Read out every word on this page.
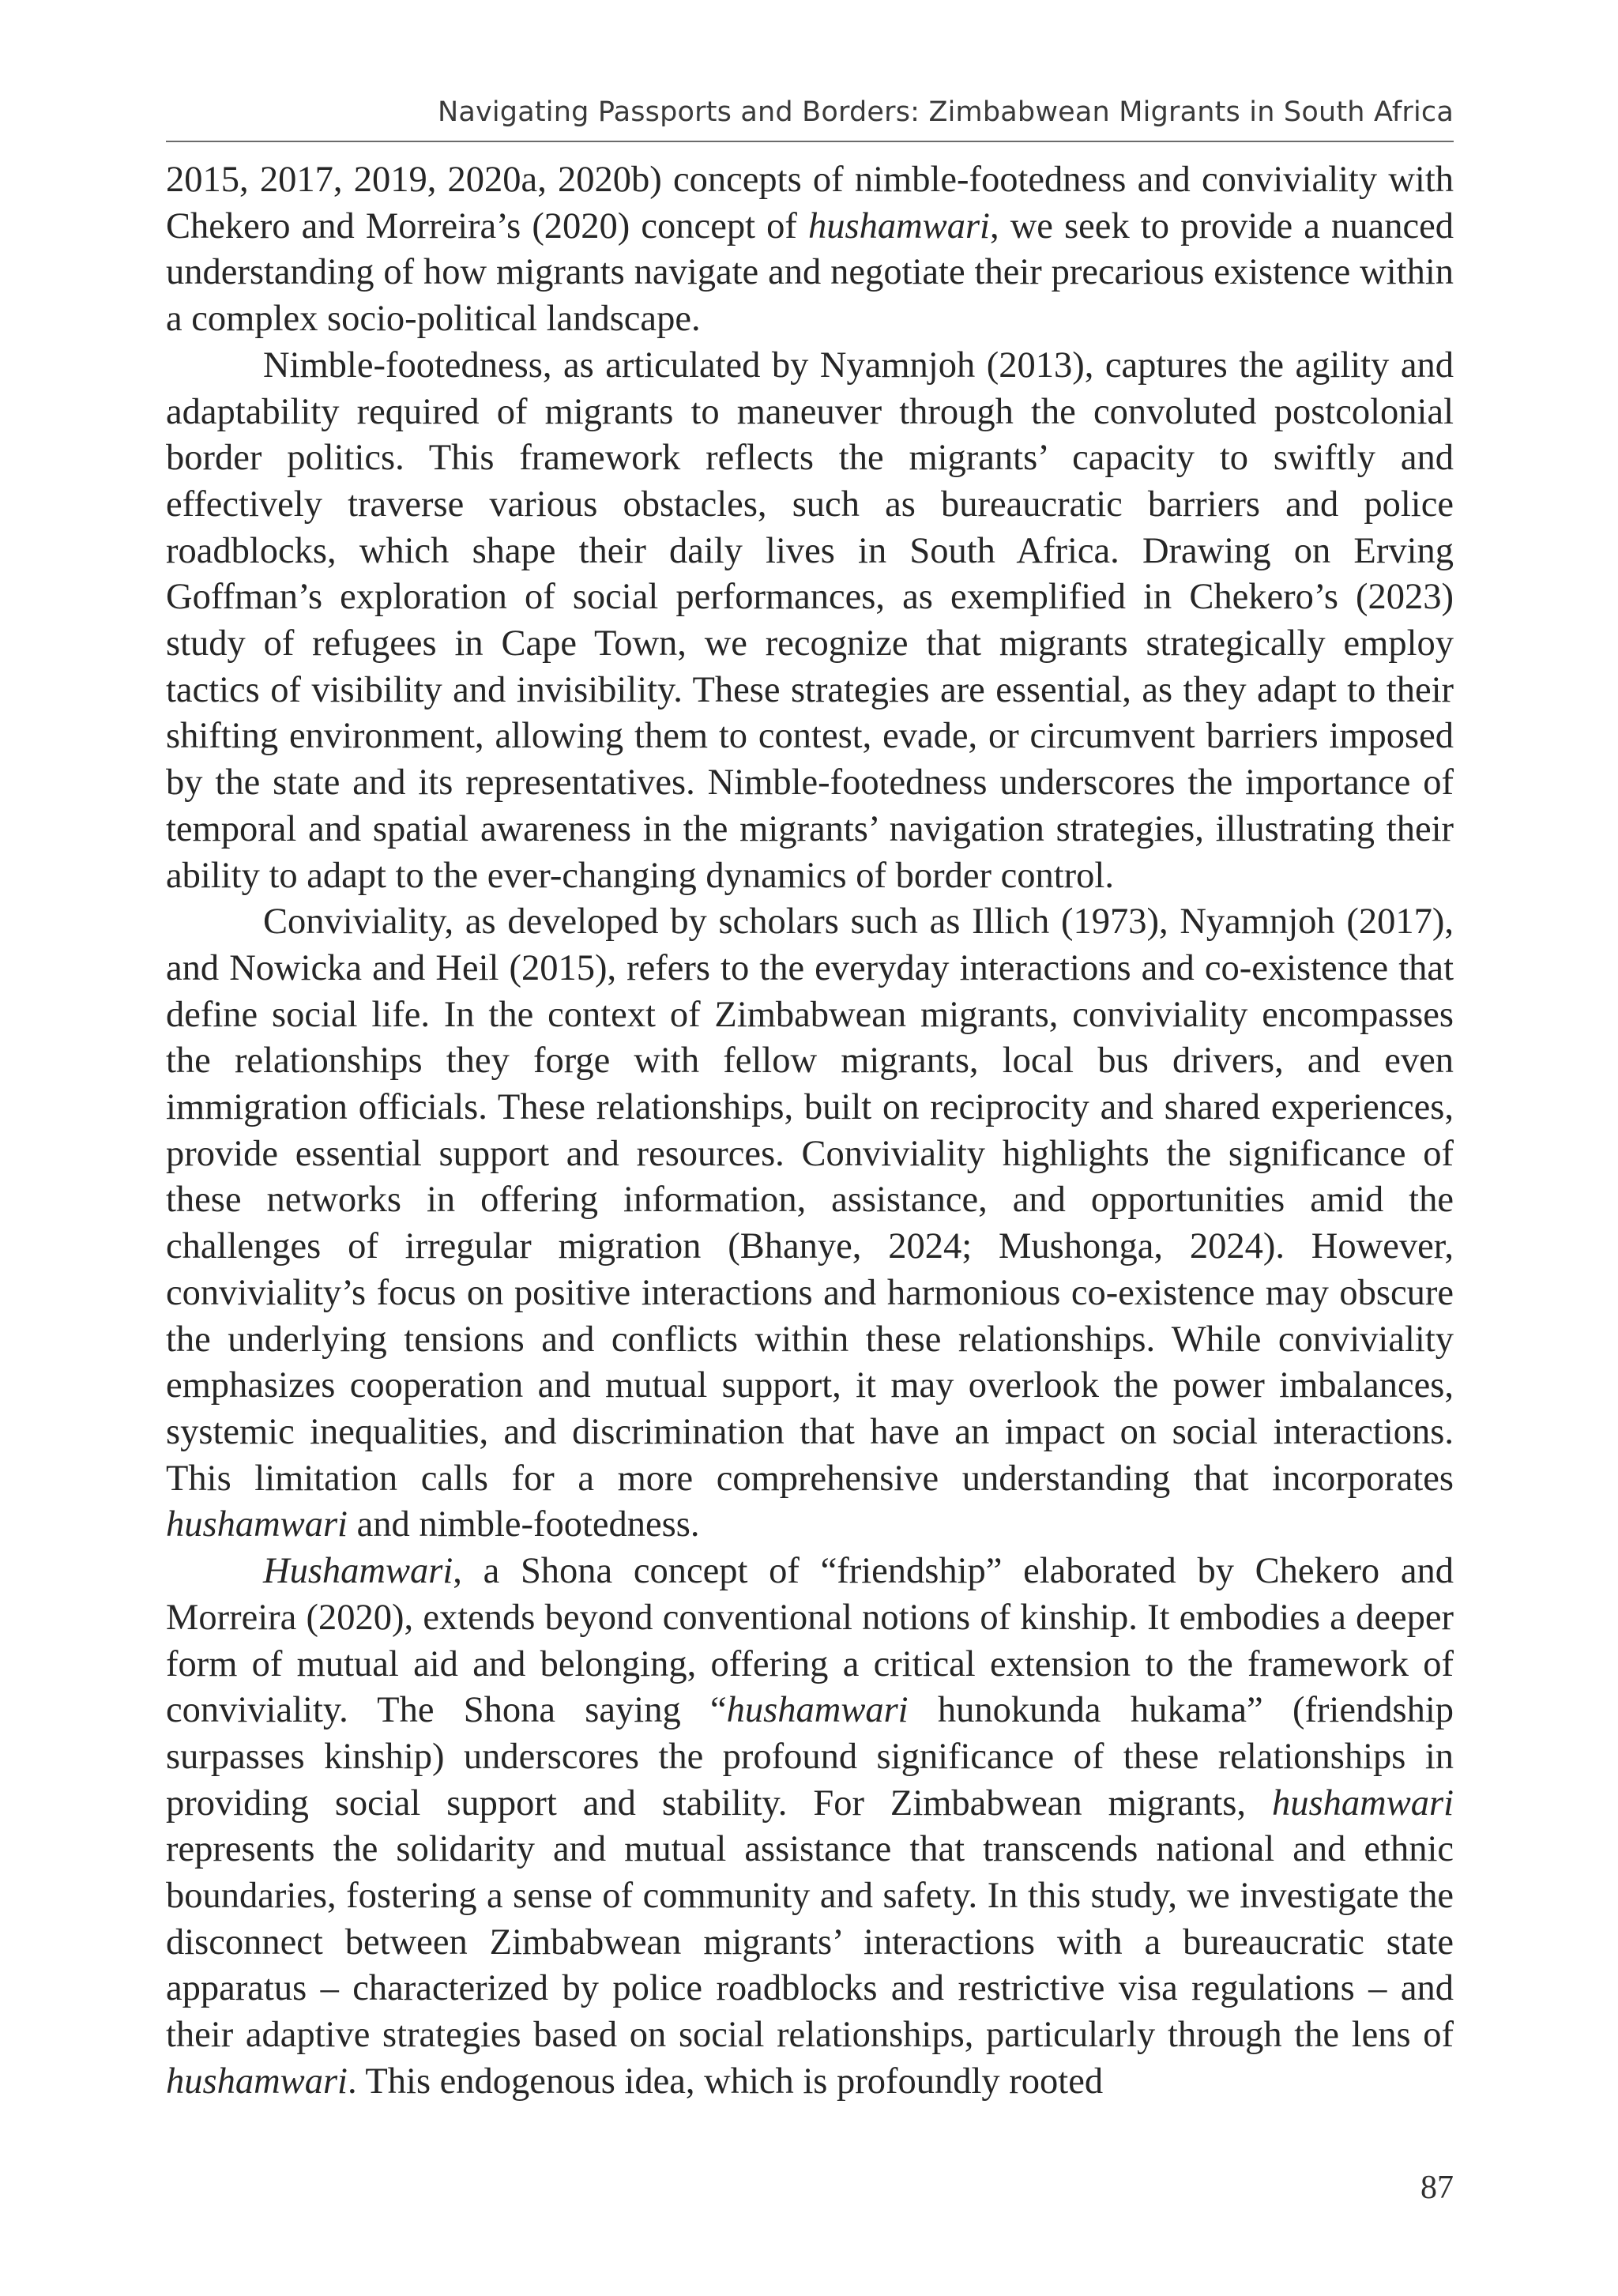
Navigating Passports and Borders: Zimbabwean Migrants in South Africa

2015, 2017, 2019, 2020a, 2020b) concepts of nimble-footedness and conviviality with Chekero and Morreira’s (2020) concept of hushamwari, we seek to provide a nuanced understanding of how migrants navigate and negotiate their precarious existence within a complex socio-political landscape.

Nimble-footedness, as articulated by Nyamnjoh (2013), captures the agility and adaptability required of migrants to maneuver through the convoluted postcolonial border politics. This framework reflects the migrants’ capacity to swiftly and effectively traverse various obstacles, such as bureaucratic barriers and police roadblocks, which shape their daily lives in South Africa. Drawing on Erving Goffman’s exploration of social performances, as exemplified in Chekero’s (2023) study of refugees in Cape Town, we recognize that migrants strategically employ tactics of visibility and invisibility. These strategies are essential, as they adapt to their shifting environment, allowing them to contest, evade, or circumvent barriers imposed by the state and its representatives. Nimble-footedness underscores the importance of temporal and spatial awareness in the migrants’ navigation strategies, illustrating their ability to adapt to the ever-changing dynamics of border control.

Conviviality, as developed by scholars such as Illich (1973), Nyamnjoh (2017), and Nowicka and Heil (2015), refers to the everyday interactions and co-existence that define social life. In the context of Zimbabwean migrants, conviviality encompasses the relationships they forge with fellow migrants, local bus drivers, and even immigration officials. These relationships, built on reciprocity and shared experiences, provide essential support and resources. Conviviality highlights the significance of these networks in offering information, assistance, and opportunities amid the challenges of irregular migration (Bhanye, 2024; Mushonga, 2024). However, conviviality’s focus on positive interactions and harmonious co-existence may obscure the underlying tensions and conflicts within these relationships. While conviviality emphasizes cooperation and mutual support, it may overlook the power imbalances, systemic inequalities, and discrimination that have an impact on social interactions. This limitation calls for a more comprehensive understanding that incorporates hushamwari and nimble-footedness.

Hushamwari, a Shona concept of “friendship” elaborated by Chekero and Morreira (2020), extends beyond conventional notions of kinship. It embodies a deeper form of mutual aid and belonging, offering a critical extension to the framework of conviviality. The Shona saying “hushamwari hunokunda hukama” (friendship surpasses kinship) underscores the profound significance of these relationships in providing social support and stability. For Zimbabwean migrants, hushamwari represents the solidarity and mutual assistance that transcends national and ethnic boundaries, fostering a sense of community and safety. In this study, we investigate the disconnect between Zimbabwean migrants’ interactions with a bureaucratic state apparatus – characterized by police roadblocks and restrictive visa regulations – and their adaptive strategies based on social relationships, particularly through the lens of hushamwari. This endogenous idea, which is profoundly rooted

87
